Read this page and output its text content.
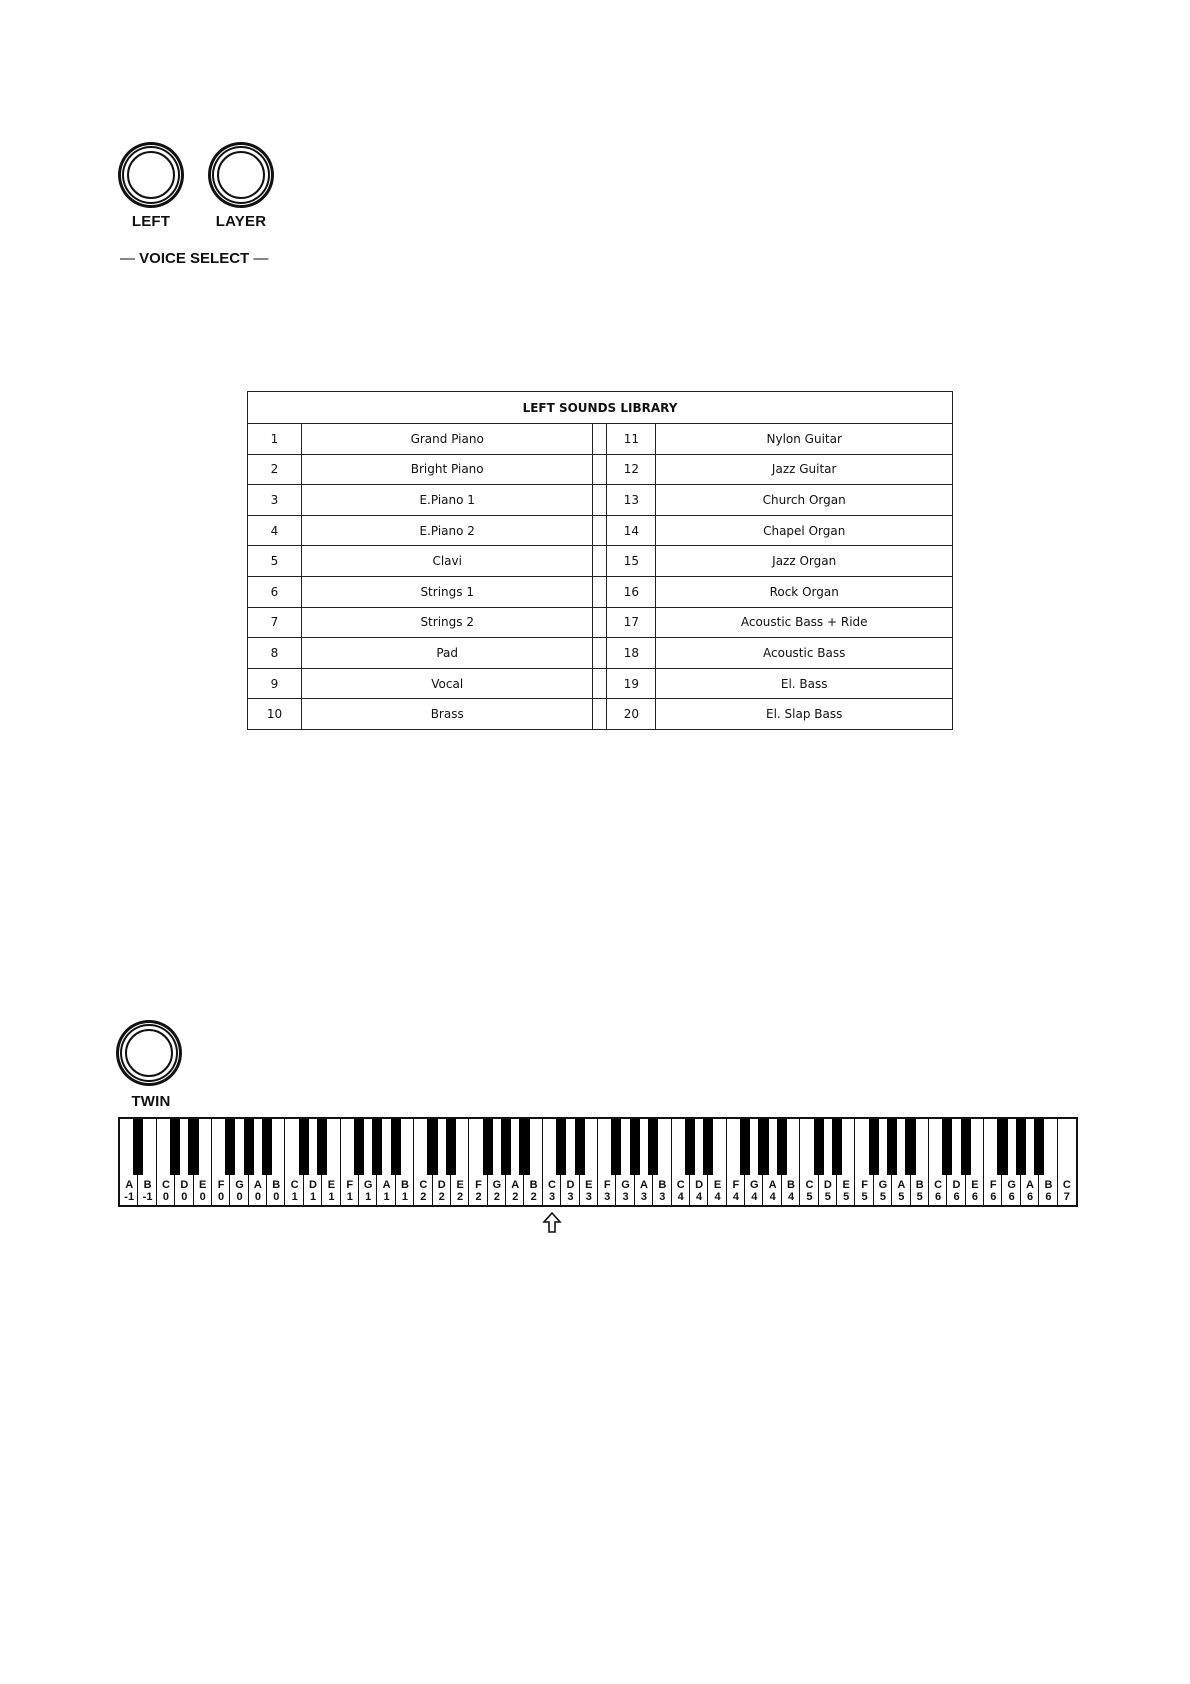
LEFT	LAYER
— VOICE SELECT —
LEFT SOUNDS LIBRARY				
1	Grand Piano		11	Nylon Guitar
2	Bright Piano		12	Jazz Guitar
3	E.Piano 1		13	Church Organ
4	E.Piano 2		14	Chapel Organ
5	Clavi		15	Jazz Organ
6	Strings 1		16	Rock Organ
7	Strings 2		17	Acoustic Bass + Ride
8	Pad		18	Acoustic Bass
9	Vocal		19	El. Bass
10	Brass		20	El. Slap Bass
TWIN
A
-1
B
-1
C
0
D
0
E
0
F
0
G
0
A
0
B
0
C
1
D
1
E
1
F
1
G
1
A
1
B
1
C
2
D
2
E
2
F
2
G
2
A
2
B
2
C
3
D
3
E
3
F
3
G
3
A
3
B
3
C
4
D
4
E
4
F
4
G
4
A
4
B
4
C
5
D
5
E
5
F
5
G
5
A
5
B
5
C
6
D
6
E
6
F
6
G
6
A
6
B
6
C
7
